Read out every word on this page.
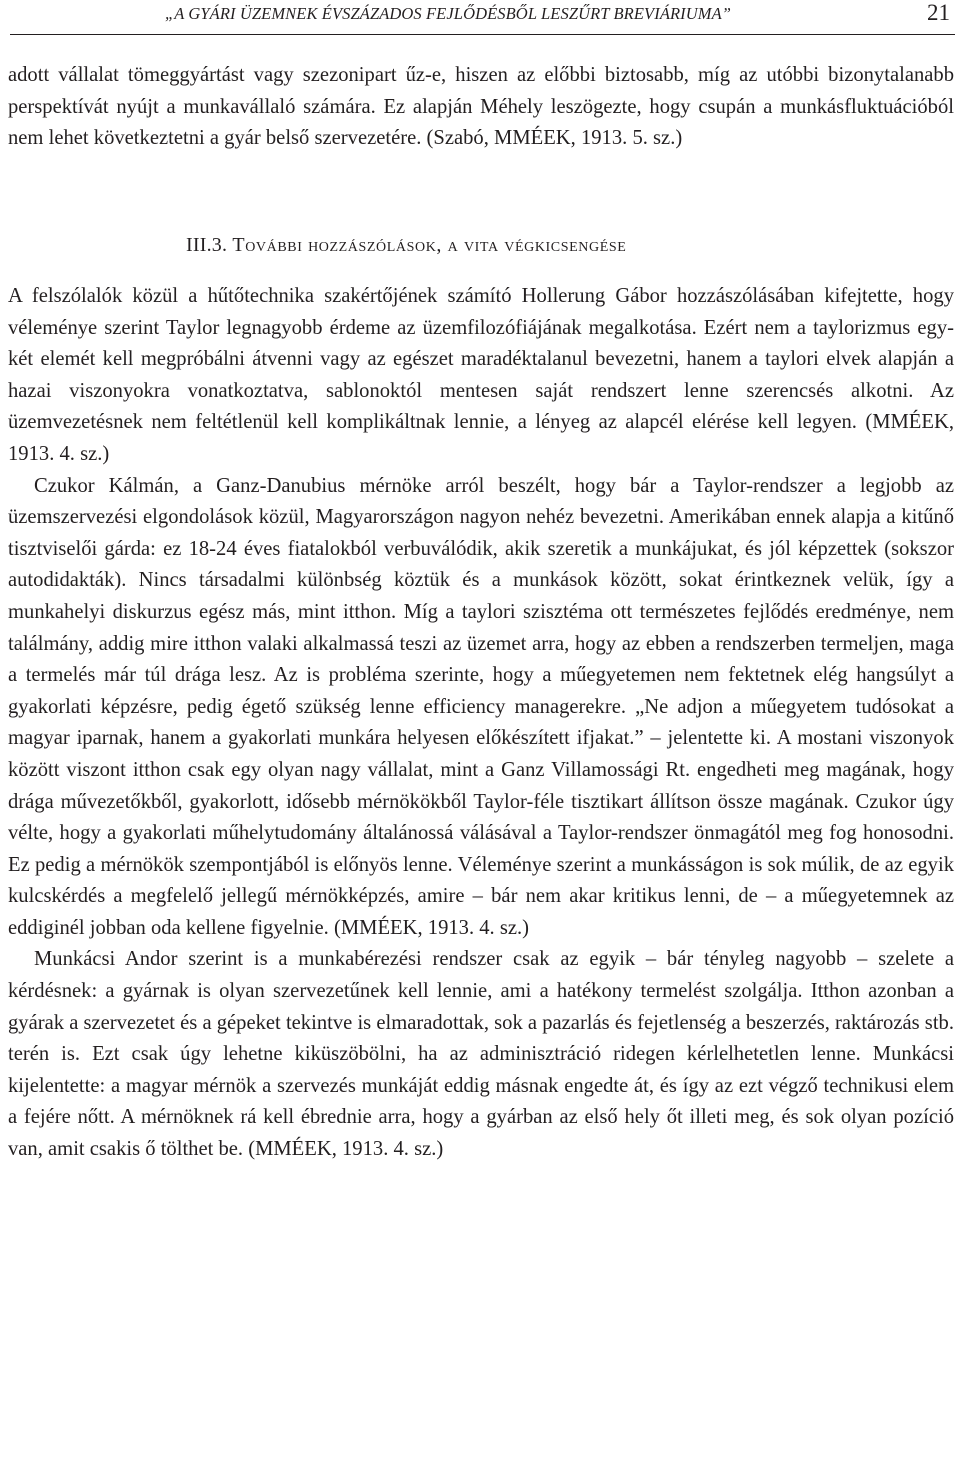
„A GYÁRI ÜZEMNEK ÉVSZÁZADOS FEJLŐDÉSBŐL LESZŰRT BREVIÁRIUMA”	21

adott vállalat tömeggyártást vagy szezonipart űz-e, hiszen az előbbi biztosabb, míg az utóbbi bizonytalanabb perspektívát nyújt a munkavállaló számára. Ez alapján Méhely leszögezte, hogy csupán a munkásfluktuációból nem lehet következtetni a gyár belső szervezetére. (Szabó, MMÉEK, 1913. 5. sz.)

III.3. További hozzászólások, a vita végkicsengése

A felszólalók közül a hűtőtechnika szakértőjének számító Hollerung Gábor hozzászólásában kifejtette, hogy véleménye szerint Taylor legnagyobb érdeme az üzemfilozófiájának megalkotása. Ezért nem a taylorizmus egy-két elemét kell megpróbálni átvenni vagy az egészet maradéktalanul bevezetni, hanem a taylori elvek alapján a hazai viszonyokra vonatkoztatva, sablonoktól mentesen saját rendszert lenne szerencsés alkotni. Az üzemvezetésnek nem feltétlenül kell komplikáltnak lennie, a lényeg az alapcél elérése kell legyen. (MMÉEK, 1913. 4. sz.)

Czukor Kálmán, a Ganz-Danubius mérnöke arról beszélt, hogy bár a Taylor-rendszer a legjobb az üzemszervezési elgondolások közül, Magyarországon nagyon nehéz bevezetni. Amerikában ennek alapja a kitűnő tisztviselői gárda: ez 18-24 éves fiatalokból verbuválódik, akik szeretik a munkájukat, és jól képzettek (sokszor autodidakták). Nincs társadalmi különbség köztük és a munkások között, sokat érintkeznek velük, így a munkahelyi diskurzus egész más, mint itthon. Míg a taylori szisztéma ott természetes fejlődés eredménye, nem találmány, addig mire itthon valaki alkalmassá teszi az üzemet arra, hogy az ebben a rendszerben termeljen, maga a termelés már túl drága lesz. Az is probléma szerinte, hogy a műegyetemen nem fektetnek elég hangsúlyt a gyakorlati képzésre, pedig égető szükség lenne efficiency managerekre. „Ne adjon a műegyetem tudósokat a magyar iparnak, hanem a gyakorlati munkára helyesen előkészített ifjakat.” – jelentette ki. A mostani viszonyok között viszont itthon csak egy olyan nagy vállalat, mint a Ganz Villamossági Rt. engedheti meg magának, hogy drága művezetőkből, gyakorlott, idősebb mérnökökből Taylor-féle tisztikart állítson össze magának. Czukor úgy vélte, hogy a gyakorlati műhelytudomány általánossá válásával a Taylor-rendszer önmagától meg fog honosodni. Ez pedig a mérnökök szempontjából is előnyös lenne. Véleménye szerint a munkásságon is sok múlik, de az egyik kulcskérdés a megfelelő jellegű mérnökképzés, amire – bár nem akar kritikus lenni, de – a műegyetemnek az eddiginél jobban oda kellene figyelnie. (MMÉEK, 1913. 4. sz.)

Munkácsi Andor szerint is a munkabérezési rendszer csak az egyik – bár tényleg nagyobb – szelete a kérdésnek: a gyárnak is olyan szervezetűnek kell lennie, ami a hatékony termelést szolgálja. Itthon azonban a gyárak a szervezetet és a gépeket tekintve is elmaradottak, sok a pazarlás és fejetlenség a beszerzés, raktározás stb. terén is. Ezt csak úgy lehetne kiküszöbölni, ha az adminisztráció ridegen kérlelhetetlen lenne. Munkácsi kijelentette: a magyar mérnök a szervezés munkáját eddig másnak engedte át, és így az ezt végző technikusi elem a fejére nőtt. A mérnöknek rá kell ébrednie arra, hogy a gyárban az első hely őt illeti meg, és sok olyan pozíció van, amit csakis ő tölthet be. (MMÉEK, 1913. 4. sz.)
